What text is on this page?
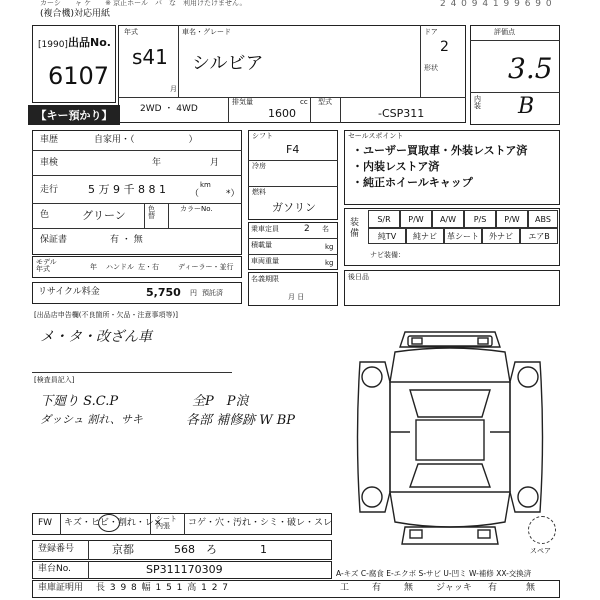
カーシ　　ャ ケ　　※ 京正ホール　バ　な　利用けたけません。
(複合機)対応用紙
2 4 0 9 4 1 9 9 6 9 0
[1990] 出品No.
6107
【キー預かり】
年式
s41
月
車名・グレード
シルビア
ドア
2
形状
2WD ・ 4WD
排気量
1600
cc 型式
-CSP311
評価点
3.5
内装 B
車歴	自家用・（　　　　　　）
車検	年	月
走行	5 万 9 千 8 8 1	km
（　　　*）
色	グリーン	色替
カラーNo.
保証書	有 ・ 無
モデル年式	年 ハンドル 左・右	ディーラー・並行
リサイクル料金	5,750 円 預託済
シフト
F4
冷房
燃料
ガソリン
乗車定員	2 名
積載量	kg
車両重量	kg
名義期限
月 日
セールスポイント
・ユーザー買取車・外装レストア済
・内装レストア済
・純正ホイールキャップ
装備
S/R	P/W	A/W	P/S	P/W	ABS
純TV	純ナビ	革シート	外ナビ	エアB
ナビ装備：
後日品
[出品店申告欄(不良箇所・欠品・注意事項等)]
メ・タ・改ざん車
[検査員記入]
下廻り S.C.P
ダッシュ 割れ、サキ
全P　P浪
各部 補修跡 W BP
スペア
FW キズ・ヒビ・割れ・レ×
シート 内張	コゲ・穴・汚れ・シミ・破レ・スレ
登録番号	京都	568 ろ	1
車台No.	SP311170309	A-キズ C-腐食 E-エクボ S-サビ U-凹ミ W-補修 XX-交換済
車庫証明用 長 3 9 8 幅 1 5 1 高 1 2 7	工	有	無	ジャッキ 有	無
